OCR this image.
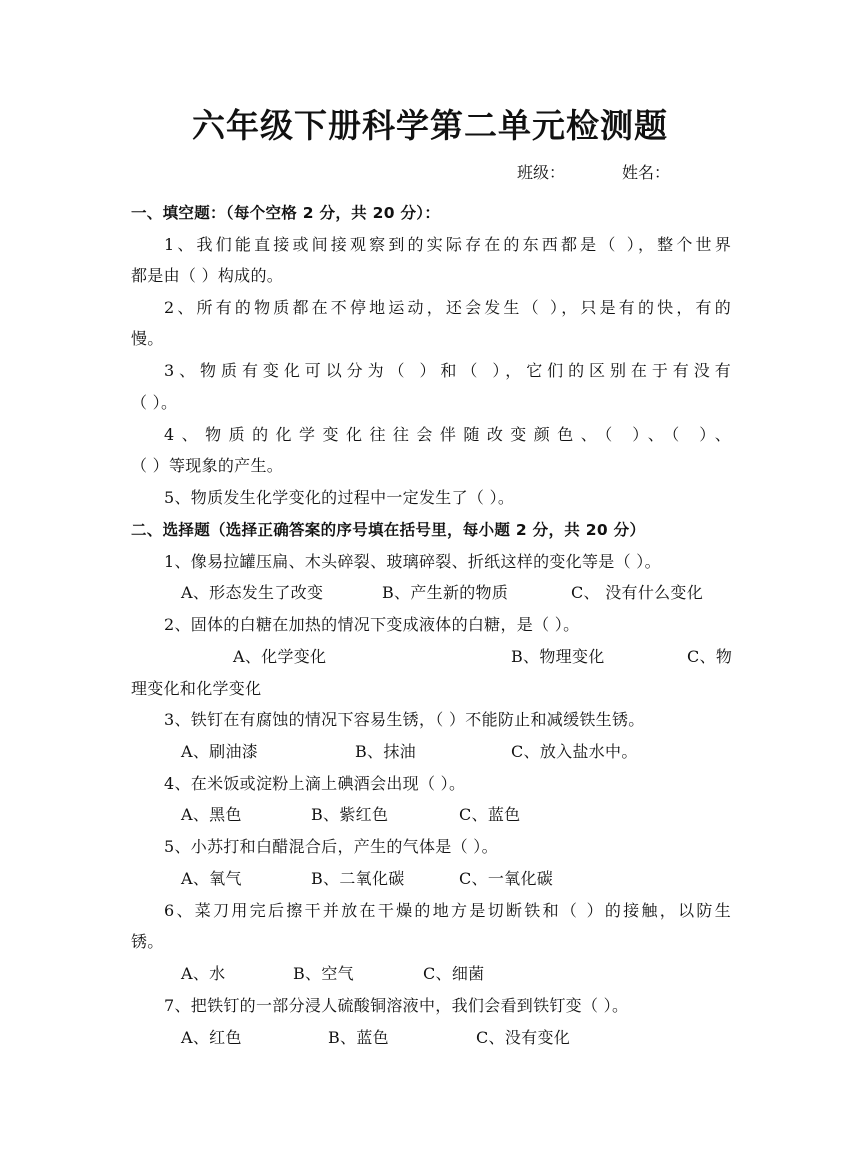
六年级下册科学第二单元检测题
班级：	姓名：
一、填空题：（每个空格 2 分，共 20 分）：
1、我们能直接或间接观察到的实际存在的东西都是（ ），整个世界
都是由（ ）构成的。
2、所有的物质都在不停地运动，还会发生（ ），只是有的快，有的
慢。
3、物质有变化可以分为（ ）和（ ），它们的区别在于有没有
（ ）。
4、物质的化学变化往往会伴随改变颜色、（ ）、（ ）、
（ ）等现象的产生。
5、物质发生化学变化的过程中一定发生了（ ）。
二、选择题（选择正确答案的序号填在括号里，每小题 2 分，共 20 分）
1、像易拉罐压扁、木头碎裂、玻璃碎裂、折纸这样的变化等是（ ）。
A、形态发生了改变	B、产生新的物质	C、 没有什么变化
2、固体的白糖在加热的情况下变成液体的白糖，是（ ）。
A、化学变化	B、物理变化	C、物
理变化和化学变化
3、铁钉在有腐蚀的情况下容易生锈，（ ）不能防止和减缓铁生锈。
A、刷油漆	B、抹油	C、放入盐水中。
4、在米饭或淀粉上滴上碘酒会出现（ ）。
A、黑色	B、紫红色	C、蓝色
5、小苏打和白醋混合后，产生的气体是（ ）。
A、氧气	B、二氧化碳	C、一氧化碳
6、菜刀用完后擦干并放在干燥的地方是切断铁和（ ）的接触，以防生
锈。
A、水	B、空气	C、细菌
7、把铁钉的一部分浸人硫酸铜溶液中，我们会看到铁钉变（ ）。
A、红色	B、蓝色	C、没有变化
